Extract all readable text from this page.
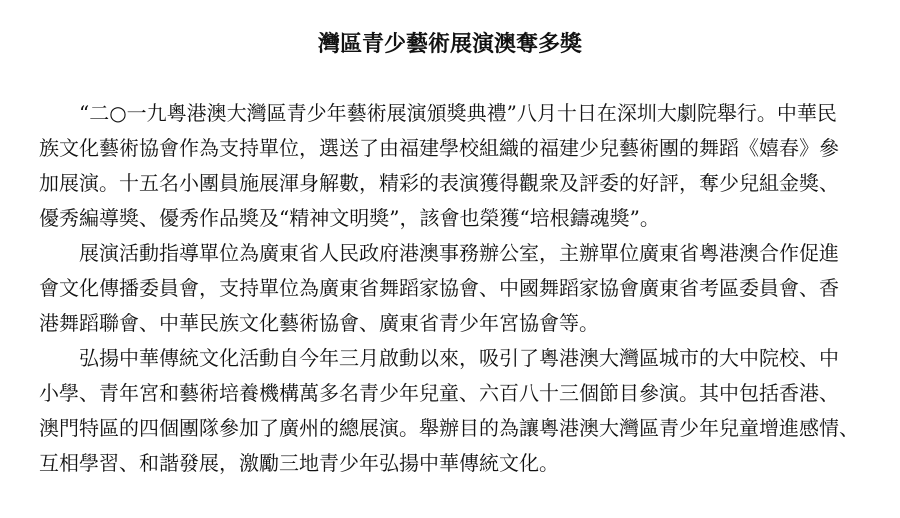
灣區青少藝術展演澳奪多獎

“二○一九粵港澳大灣區青少年藝術展演頒獎典禮”八月十日在深圳大劇院舉行。中華民
族文化藝術協會作為支持單位，選送了由福建學校組織的福建少兒藝術團的舞蹈《嬉春》參
加展演。十五名小團員施展渾身解數，精彩的表演獲得觀衆及評委的好評，奪少兒組金獎、
優秀編導獎、優秀作品獎及“精神文明獎”，該會也榮獲“培根鑄魂獎”。

展演活動指導單位為廣東省人民政府港澳事務辦公室，主辦單位廣東省粵港澳合作促進
會文化傳播委員會，支持單位為廣東省舞蹈家協會、中國舞蹈家協會廣東省考區委員會、香
港舞蹈聯會、中華民族文化藝術協會、廣東省青少年宮協會等。

弘揚中華傳統文化活動自今年三月啟動以來，吸引了粵港澳大灣區城市的大中院校、中
小學、青年宮和藝術培養機構萬多名青少年兒童、六百八十三個節目參演。其中包括香港、
澳門特區的四個團隊參加了廣州的總展演。舉辦目的為讓粵港澳大灣區青少年兒童增進感情、
互相學習、和諧發展，激勵三地青少年弘揚中華傳統文化。
